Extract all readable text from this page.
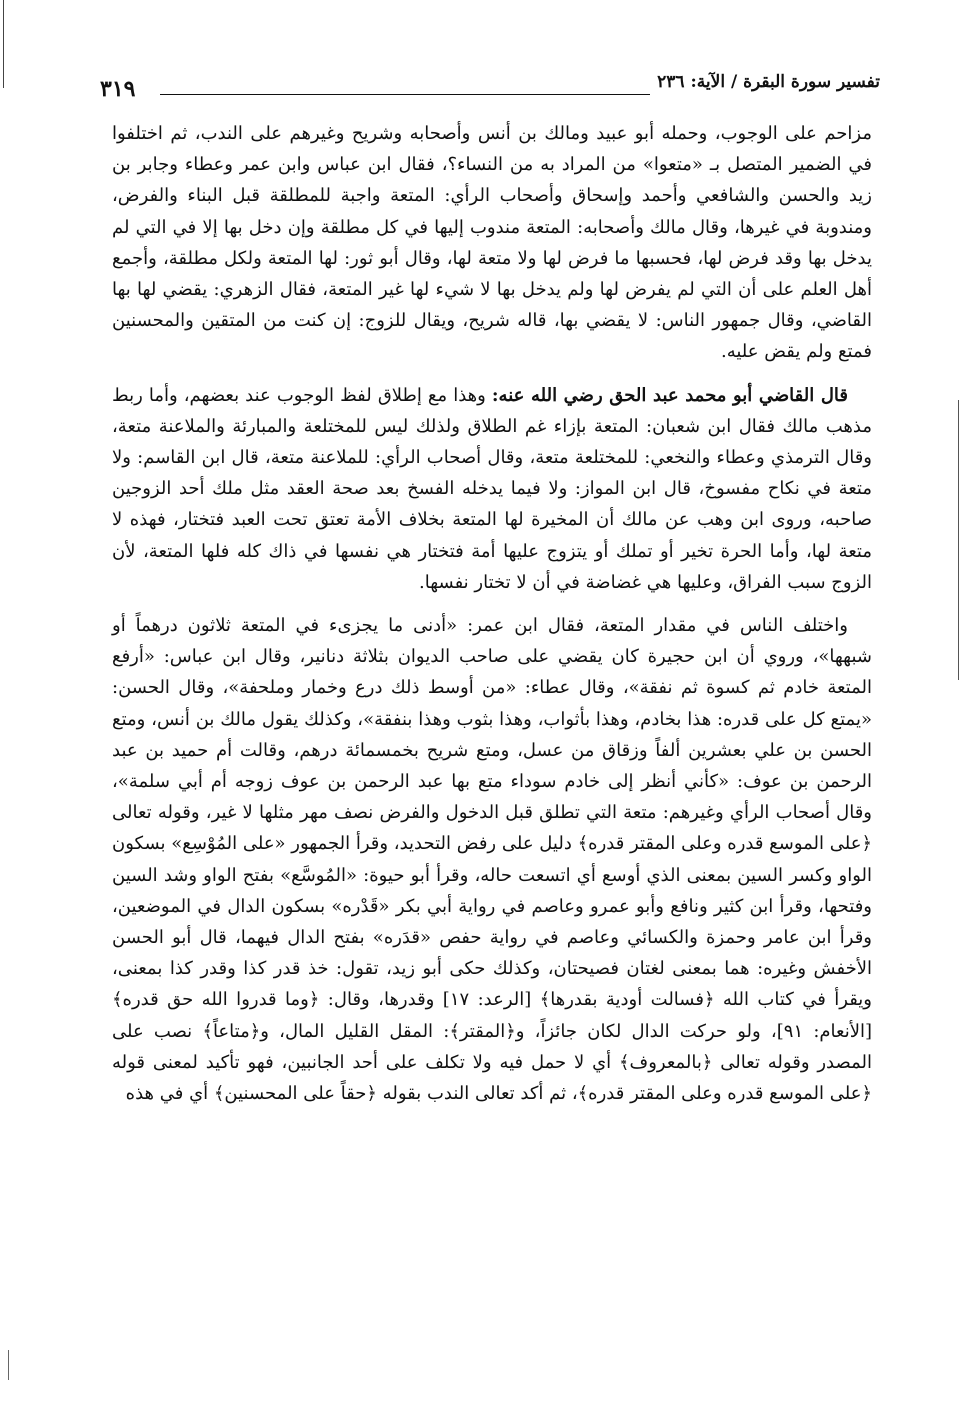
تفسير سورة البقرة / الآية: ٢٣٦
٣١٩

مزاحم على الوجوب، وحمله أبو عبيد ومالك بن أنس وأصحابه وشريح وغيرهم على الندب، ثم اختلفوا في الضمير المتصل بـ «متعوا» من المراد به من النساء؟، فقال ابن عباس وابن عمر وعطاء وجابر بن زيد والحسن والشافعي وأحمد وإسحاق وأصحاب الرأي: المتعة واجبة للمطلقة قبل البناء والفرض، ومندوبة في غيرها، وقال مالك وأصحابه: المتعة مندوب إليها في كل مطلقة وإن دخل بها إلا في التي لم يدخل بها وقد فرض لها، فحسبها ما فرض لها ولا متعة لها، وقال أبو ثور: لها المتعة ولكل مطلقة، وأجمع أهل العلم على أن التي لم يفرض لها ولم يدخل بها لا شيء لها غير المتعة، فقال الزهري: يقضي لها بها القاضي، وقال جمهور الناس: لا يقضي بها، قاله شريح، ويقال للزوج: إن كنت من المتقين والمحسنين فمتع ولم يقض عليه.

قال القاضي أبو محمد عبد الحق رضي الله عنه: وهذا مع إطلاق لفظ الوجوب عند بعضهم، وأما ربط مذهب مالك فقال ابن شعبان: المتعة بإزاء غم الطلاق ولذلك ليس للمختلعة والمبارئة والملاعنة متعة، وقال الترمذي وعطاء والنخعي: للمختلعة متعة، وقال أصحاب الرأي: للملاعنة متعة، قال ابن القاسم: ولا متعة في نكاح مفسوخ، قال ابن المواز: ولا فيما يدخله الفسخ بعد صحة العقد مثل ملك أحد الزوجين صاحبه، وروى ابن وهب عن مالك أن المخيرة لها المتعة بخلاف الأمة تعتق تحت العبد فتختار، فهذه لا متعة لها، وأما الحرة تخير أو تملك أو يتزوج عليها أمة فتختار هي نفسها في ذاك كله فلها المتعة، لأن الزوج سبب الفراق، وعليها هي غضاضة في أن لا تختار نفسها.

واختلف الناس في مقدار المتعة، فقال ابن عمر: «أدنى ما يجزىء في المتعة ثلاثون درهماً أو شبهها»، وروي أن ابن حجيرة كان يقضي على صاحب الديوان بثلاثة دنانير، وقال ابن عباس: «أرفع المتعة خادم ثم كسوة ثم نفقة»، وقال عطاء: «من أوسط ذلك درع وخمار وملحفة»، وقال الحسن: «يمتع كل على قدره: هذا بخادم، وهذا بأثواب، وهذا بثوب وهذا بنفقة»، وكذلك يقول مالك بن أنس، ومتع الحسن بن علي بعشرين ألفاً وزقاق من عسل، ومتع شريح بخمسمائة درهم، وقالت أم حميد بن عبد الرحمن بن عوف: «كأني أنظر إلى خادم سوداء متع بها عبد الرحمن بن عوف زوجه أم أبي سلمة»، وقال أصحاب الرأي وغيرهم: متعة التي تطلق قبل الدخول والفرض نصف مهر مثلها لا غير، وقوله تعالى ﴿على الموسع قدره وعلى المقتر قدره﴾ دليل على رفض التحديد، وقرأ الجمهور «على المُوْسِع» بسكون الواو وكسر السين بمعنى الذي أوسع أي اتسعت حاله، وقرأ أبو حيوة: «المُوسَّع» بفتح الواو وشد السين وفتحها، وقرأ ابن كثير ونافع وأبو عمرو وعاصم في رواية أبي بكر «قَدْره» بسكون الدال في الموضعين، وقرأ ابن عامر وحمزة والكسائي وعاصم في رواية حفص «قدَره» بفتح الدال فيهما، قال أبو الحسن الأخفش وغيره: هما بمعنى لغتان فصيحتان، وكذلك حكى أبو زيد، تقول: خذ قدر كذا وقدر كذا بمعنى، ويقرأ في كتاب الله ﴿فسالت أودية بقدرها﴾ [الرعد: ١٧] وقدرها، وقال: ﴿وما قدروا الله حق قدره﴾ [الأنعام: ٩١]، ولو حركت الدال لكان جائزاً، و﴿المقتر﴾: المقل القليل المال، و﴿متاعاً﴾ نصب على المصدر وقوله تعالى ﴿بالمعروف﴾ أي لا حمل فيه ولا تكلف على أحد الجانبين، فهو تأكيد لمعنى قوله ﴿على الموسع قدره وعلى المقتر قدره﴾، ثم أكد تعالى الندب بقوله ﴿حقاً على المحسنين﴾ أي في هذه
